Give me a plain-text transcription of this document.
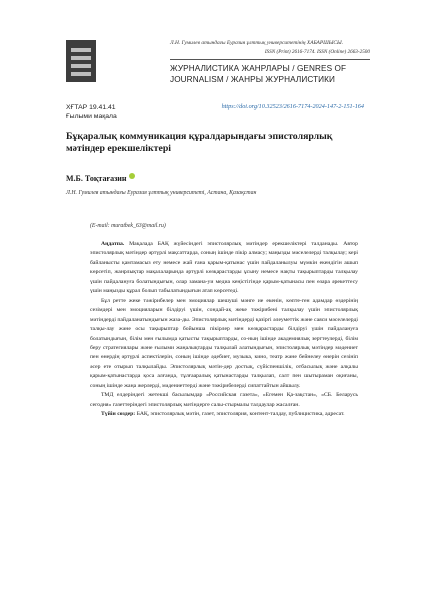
Л.Н. Гумилев атындағы Еуразия ұлттық университетінің ХАБАРШЫСЫ.
ISSN (Print) 2616-7174. ISSN (Online) 2663-2500
ЖУРНАЛИСТИКА ЖАНРЛАРЫ / GENRES OF
JOURNALISM / ЖАНРЫ ЖУРНАЛИСТИКИ
ХҒТАР 19.41.41
Ғылыми мақала
https://doi.org/10.32523/2616-7174-2024-147-2-151-164
Бұқаралық коммуникация құралдарындағы эпистолярлық
мәтіндер ерекшеліктері
М.Б. Тоқтағазин
Л.Н. Гумилев атындағы Еуразия ұлттық университеті, Астана, Қазақстан
(E-mail: muratbek_63@mail.ru)

Аңдатпа. Мақалада БАҚ жүйесіндегі эпистолярлық мәтіндер ерекшеліктері талданады. Автор эпистолярлық мәтіндер әртүрлі мақсаттарда, соның ішінде пікір алмасу; маңызды мәселелерді талқылау; кері байланысты қамтамасыз ету немесе жай ғана қарым-қатынас үшін пайдаланылуы мүмкін екендігін ашып көрсетіп, жанрлықтар мақалаларында әртүрлі көзқарастарды ұсыну немесе нақты тақырыптарды талқылау үшін пайдалануға болатындығын, олар замана-уи медиа кеңістігінде қарым-қатынасы пен өзара әрекеттесу үшін маңызды құрал болып табылатындығын атап көрсетеді.

Бұл ретте жеке тәжірибелер мен эмоциялар шешуші мәнге ие екенін, көпте-ген адамдар өздерінің сезімдері мен эмоцияларын білдіруі үшін, сондай-ақ жеке тәжірибені талқылау үшін эпистолярлық мәтіндерді пайдаланатындығын жаза-ды. Эпистолярлық мәтіндерді қазіргі әлеуметтік және саяси мәселелерді талқы-лау және осы тақырыптар бойынша пікірлер мен көзқарастарды білдіруі үшін пайдалануға болатындығын, білім мен ғылымда қатысты тақырыптарды, со-ның ішінде академиялық зерттеулерді, білім беру стратегиялары және ғылыми жаңалықтарды талқылай алатындығын, эпистолярлық мәтіндер мәдениет пен өнердің әртүрлі аспектілерін, соның ішінде әдебиет, музыка, кино, театр және бейнелеу өнерін сезініп әсер ете отырып талқылайды. Эпистолярлық мәтін-дер достық, сүйіспеншілік, отбасылық және алқалы қарым-қатынастарда қоса алғанда, тұлғааралық қатынастарды талқылап, салт пен шытыраман оқиғаны, соның ішінде жаңа жерлерді, мәдениеттерді және тәжірибелерді сипаттайтын айшылу.

ТМД елдеріндегі жетекші басылымдар «Российская газета», «Егемен Қа-зақстан», «СБ. Беларусь сегодня» газеттеріндегі эпистолярлық мәтіндерге салы-стырмалы талдаулар жасалған.

Түйін сөздер: БАҚ, эпистолярлық мәтін, газет, эпистолярия, контент-талдау, публицистика, адресат.
